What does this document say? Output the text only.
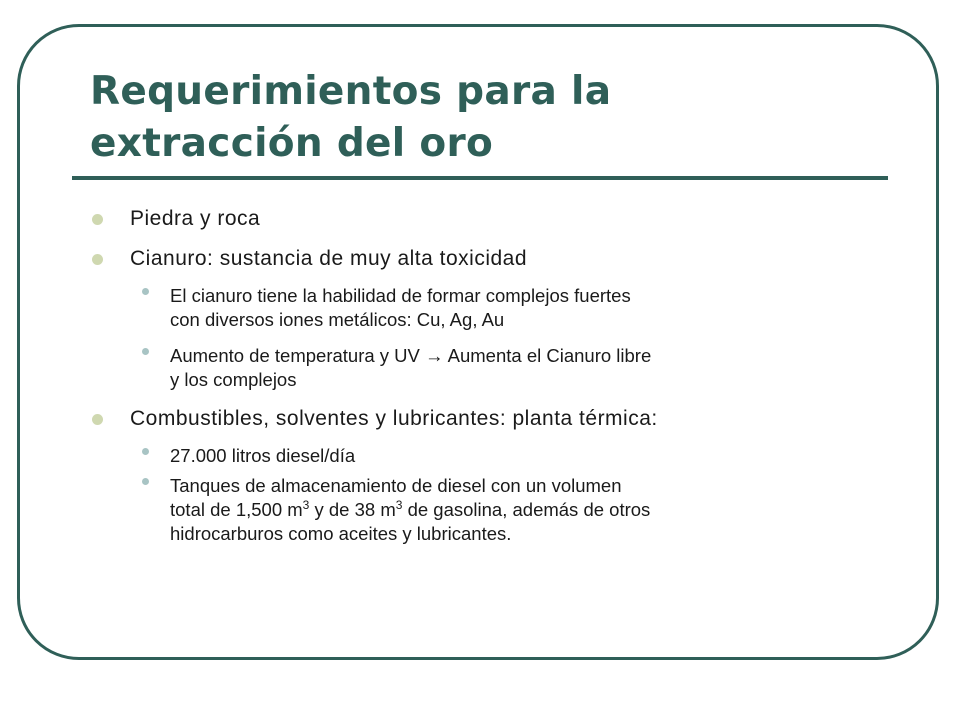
Requerimientos para la
extracción del oro
Piedra y roca
Cianuro: sustancia de muy alta toxicidad
El cianuro tiene la habilidad de formar complejos fuertes
con diversos iones metálicos: Cu, Ag, Au
Aumento de temperatura y UV → Aumenta el Cianuro libre
y los complejos
Combustibles, solventes y lubricantes: planta térmica:
27.000 litros diesel/día
Tanques de almacenamiento de diesel con un volumen
total de 1,500 $m^3$ y de 38 $m^3$ de gasolina, además de otros
hidrocarburos como aceites y lubricantes.
